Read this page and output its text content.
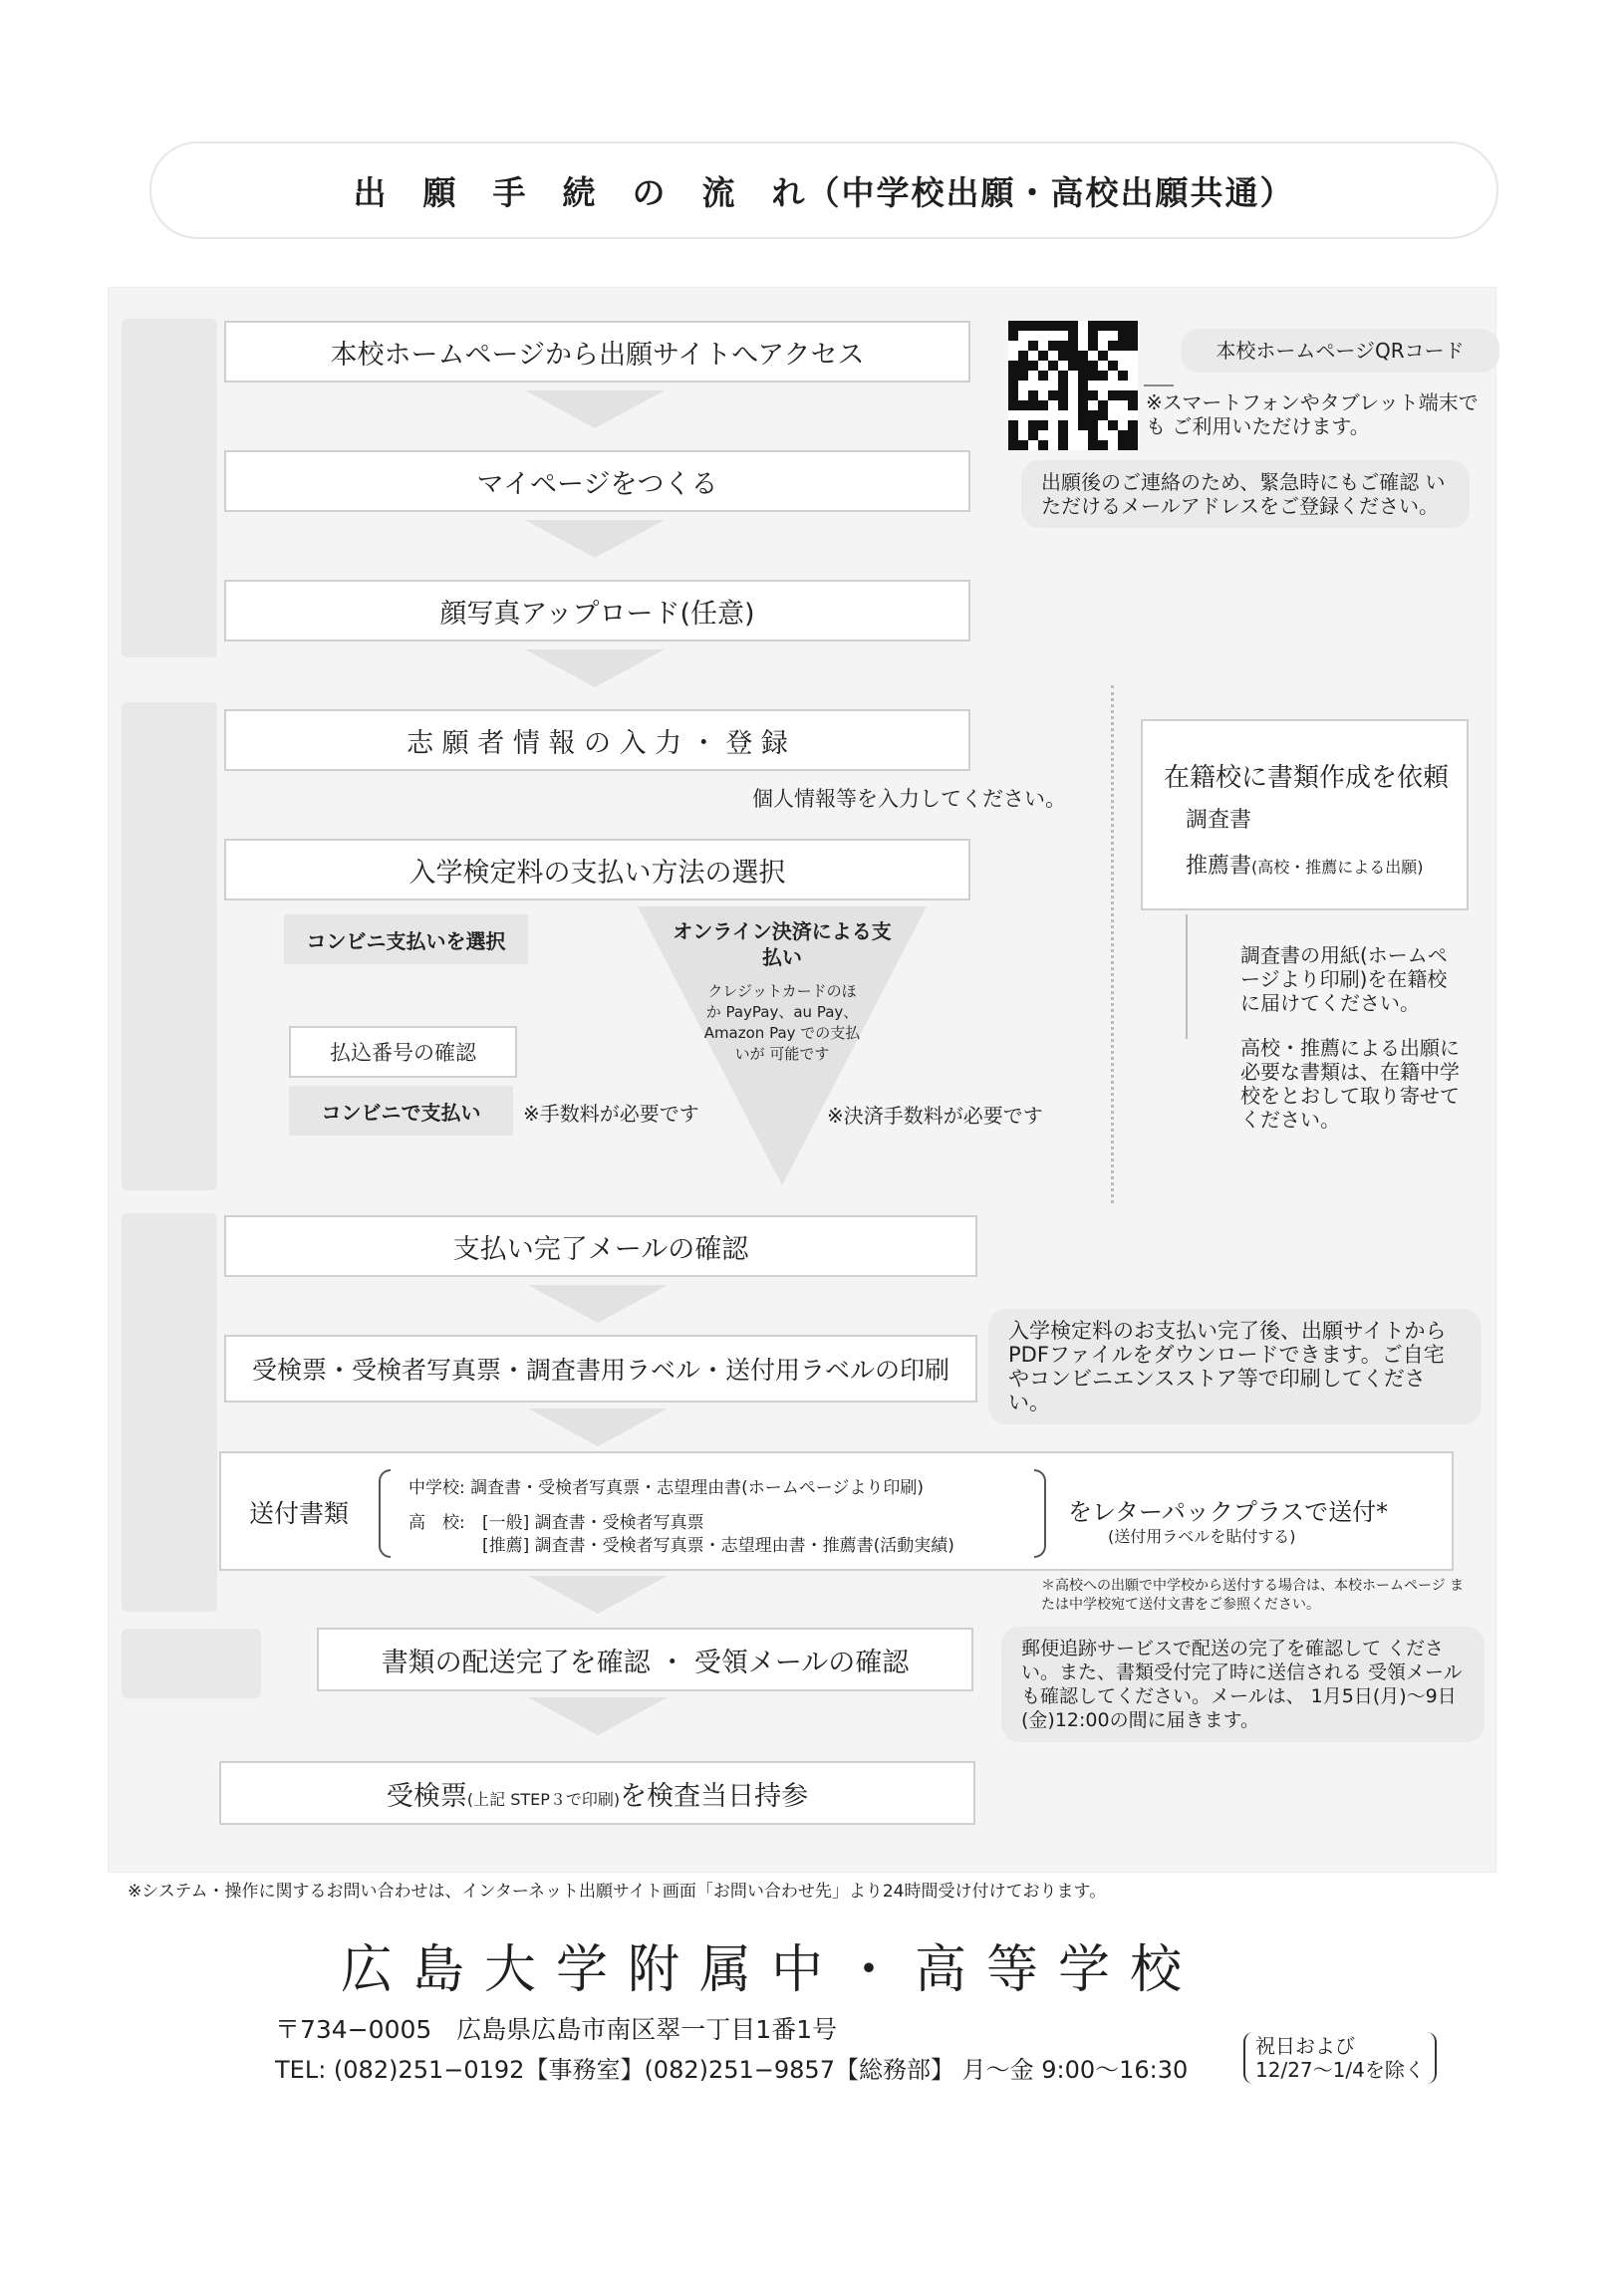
出　願　手　続　の　流　れ（中学校出願・高校出願共通）
本校ホームページから出願サイトへアクセス
マイページをつくる
顔写真アップロード(任意)
志 願 者 情 報 の 入 力 ・ 登 録
個人情報等を入力してください。
入学検定料の支払い方法の選択
コンビニ支払いを選択
払込番号の確認
コンビニで支払い ※手数料が必要です
オンライン決済による支払い
クレジットカードのほか PayPay、au Pay、Amazon Pay での支払いが 可能です
※決済手数料が必要です
支払い完了メールの確認
受検票・受検者写真票・調査書用ラベル・送付用ラベルの印刷
送付書類
中学校: 調査書・受検者写真票・志望理由書(ホームページより印刷)
高　校: [一般] 調査書・受検者写真票
[推薦] 調査書・受検者写真票・志望理由書・推薦書(活動実績)
をレターパックプラスで送付*
(送付用ラベルを貼付する)
＊高校への出願で中学校から送付する場合は、本校ホームページ または中学校宛て送付文書をご参照ください。
書類の配送完了を確認 ・ 受領メールの確認
受検票(上記 STEP３で印刷)を検査当日持参
本校ホームページQRコード
※スマートフォンやタブレット端末でも ご利用いただけます。
出願後のご連絡のため、緊急時にもご確認 いただけるメールアドレスをご登録ください。
在籍校に書類作成を依頼
調査書
推薦書(高校・推薦による出願)
調査書の用紙(ホームページより印刷)を在籍校に届けてください。
高校・推薦による出願に必要な書類は、在籍中学校をとおして取り寄せてください。
入学検定料のお支払い完了後、出願サイトから PDFファイルをダウンロードできます。ご自宅 やコンビニエンスストア等で印刷してください。
郵便追跡サービスで配送の完了を確認して ください。また、書類受付完了時に送信される 受領メールも確認してください。メールは、 1月5日(月)〜9日(金)12:00の間に届きます。
※システム・操作に関するお問い合わせは、インターネット出願サイト画面「お問い合わせ先」より24時間受け付けております。
広島大学附属中・高等学校
〒734−0005　広島県広島市南区翠一丁目1番1号
TEL: (082)251−0192【事務室】(082)251−9857【総務部】 月〜金 9:00〜16:30
祝日および
12/27〜1/4を除く
